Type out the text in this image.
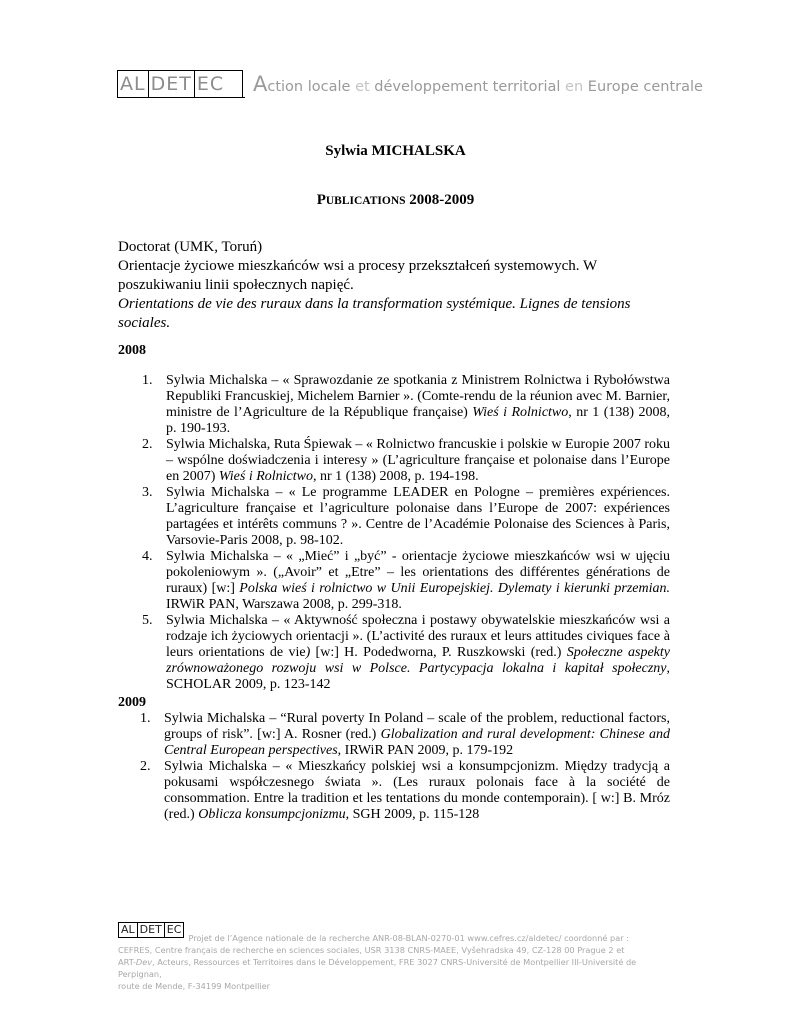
AL DET EC Action locale et développement territorial en Europe centrale
Sylwia MICHALSKA
PUBLICATIONS 2008-2009

Doctorat (UMK, Toruń)

Orientacje życiowe mieszkańców wsi a procesy przekształceń systemowych. W poszukiwaniu linii społecznych napięć.

Orientations de vie des ruraux dans la transformation systémique. Lignes de tensions sociales.

2008
1. Sylwia Michalska – « Sprawozdanie ze spotkania z Ministrem Rolnictwa i Rybołówstwa Republiki Francuskiej, Michelem Barnier ». (Comte-rendu de la réunion avec M. Barnier, ministre de l’Agriculture de la République française) Wieś i Rolnictwo, nr 1 (138) 2008, p. 190-193.
2. Sylwia Michalska, Ruta Śpiewak – « Rolnictwo francuskie i polskie w Europie 2007 roku – wspólne doświadczenia i interesy » (L’agriculture française et polonaise dans l’Europe en 2007) Wieś i Rolnictwo, nr 1 (138) 2008, p. 194-198.
3. Sylwia Michalska – « Le programme LEADER en Pologne – premières expériences. L’agriculture française et l’agriculture polonaise dans l’Europe de 2007: expériences partagées et intérêts communs ? ». Centre de l’Académie Polonaise des Sciences à Paris, Varsovie-Paris 2008, p. 98-102.
4. Sylwia Michalska – « „Mieć” i „być” - orientacje życiowe mieszkańców wsi w ujęciu pokoleniowym ». („Avoir” et „Etre” – les orientations des différentes générations de ruraux) [w:] Polska wieś i rolnictwo w Unii Europejskiej. Dylematy i kierunki przemian. IRWiR PAN, Warszawa 2008, p. 299-318.
5. Sylwia Michalska – « Aktywność społeczna i postawy obywatelskie mieszkańców wsi a rodzaje ich życiowych orientacji ». (L’activité des ruraux et leurs attitudes civiques face à leurs orientations de vie) [w:] H. Podedworna, P. Ruszkowski (red.) Społeczne aspekty zrównoważonego rozwoju wsi w Polsce. Partycypacja lokalna i kapitał społeczny, SCHOLAR 2009, p. 123-142
2009
1. Sylwia Michalska – “Rural poverty In Poland – scale of the problem, reductional factors, groups of risk”. [w:] A. Rosner (red.) Globalization and rural development: Chinese and Central European perspectives, IRWiR PAN 2009, p. 179-192
2. Sylwia Michalska – « Mieszkańcy polskiej wsi a konsumpcjonizm. Między tradycją a pokusami współczesnego świata ». (Les ruraux polonais face à la société de consommation. Entre la tradition et les tentations du monde contemporain). [ w:] B. Mróz (red.) Oblicza konsumpcjonizmu, SGH 2009, p. 115-128
AL DET EC
Projet de l’Agence nationale de la recherche ANR-08-BLAN-0270-01 www.cefres.cz/aldetec/ coordonné par :
CEFRES, Centre français de recherche en sciences sociales, USR 3138 CNRS-MAEE, Vyšehradska 49, CZ-128 00 Prague 2 et
ART-Dev, Acteurs, Ressources et Territoires dans le Développement, FRE 3027 CNRS-Université de Montpellier III-Université de Perpignan,
route de Mende, F-34199 Montpellier
